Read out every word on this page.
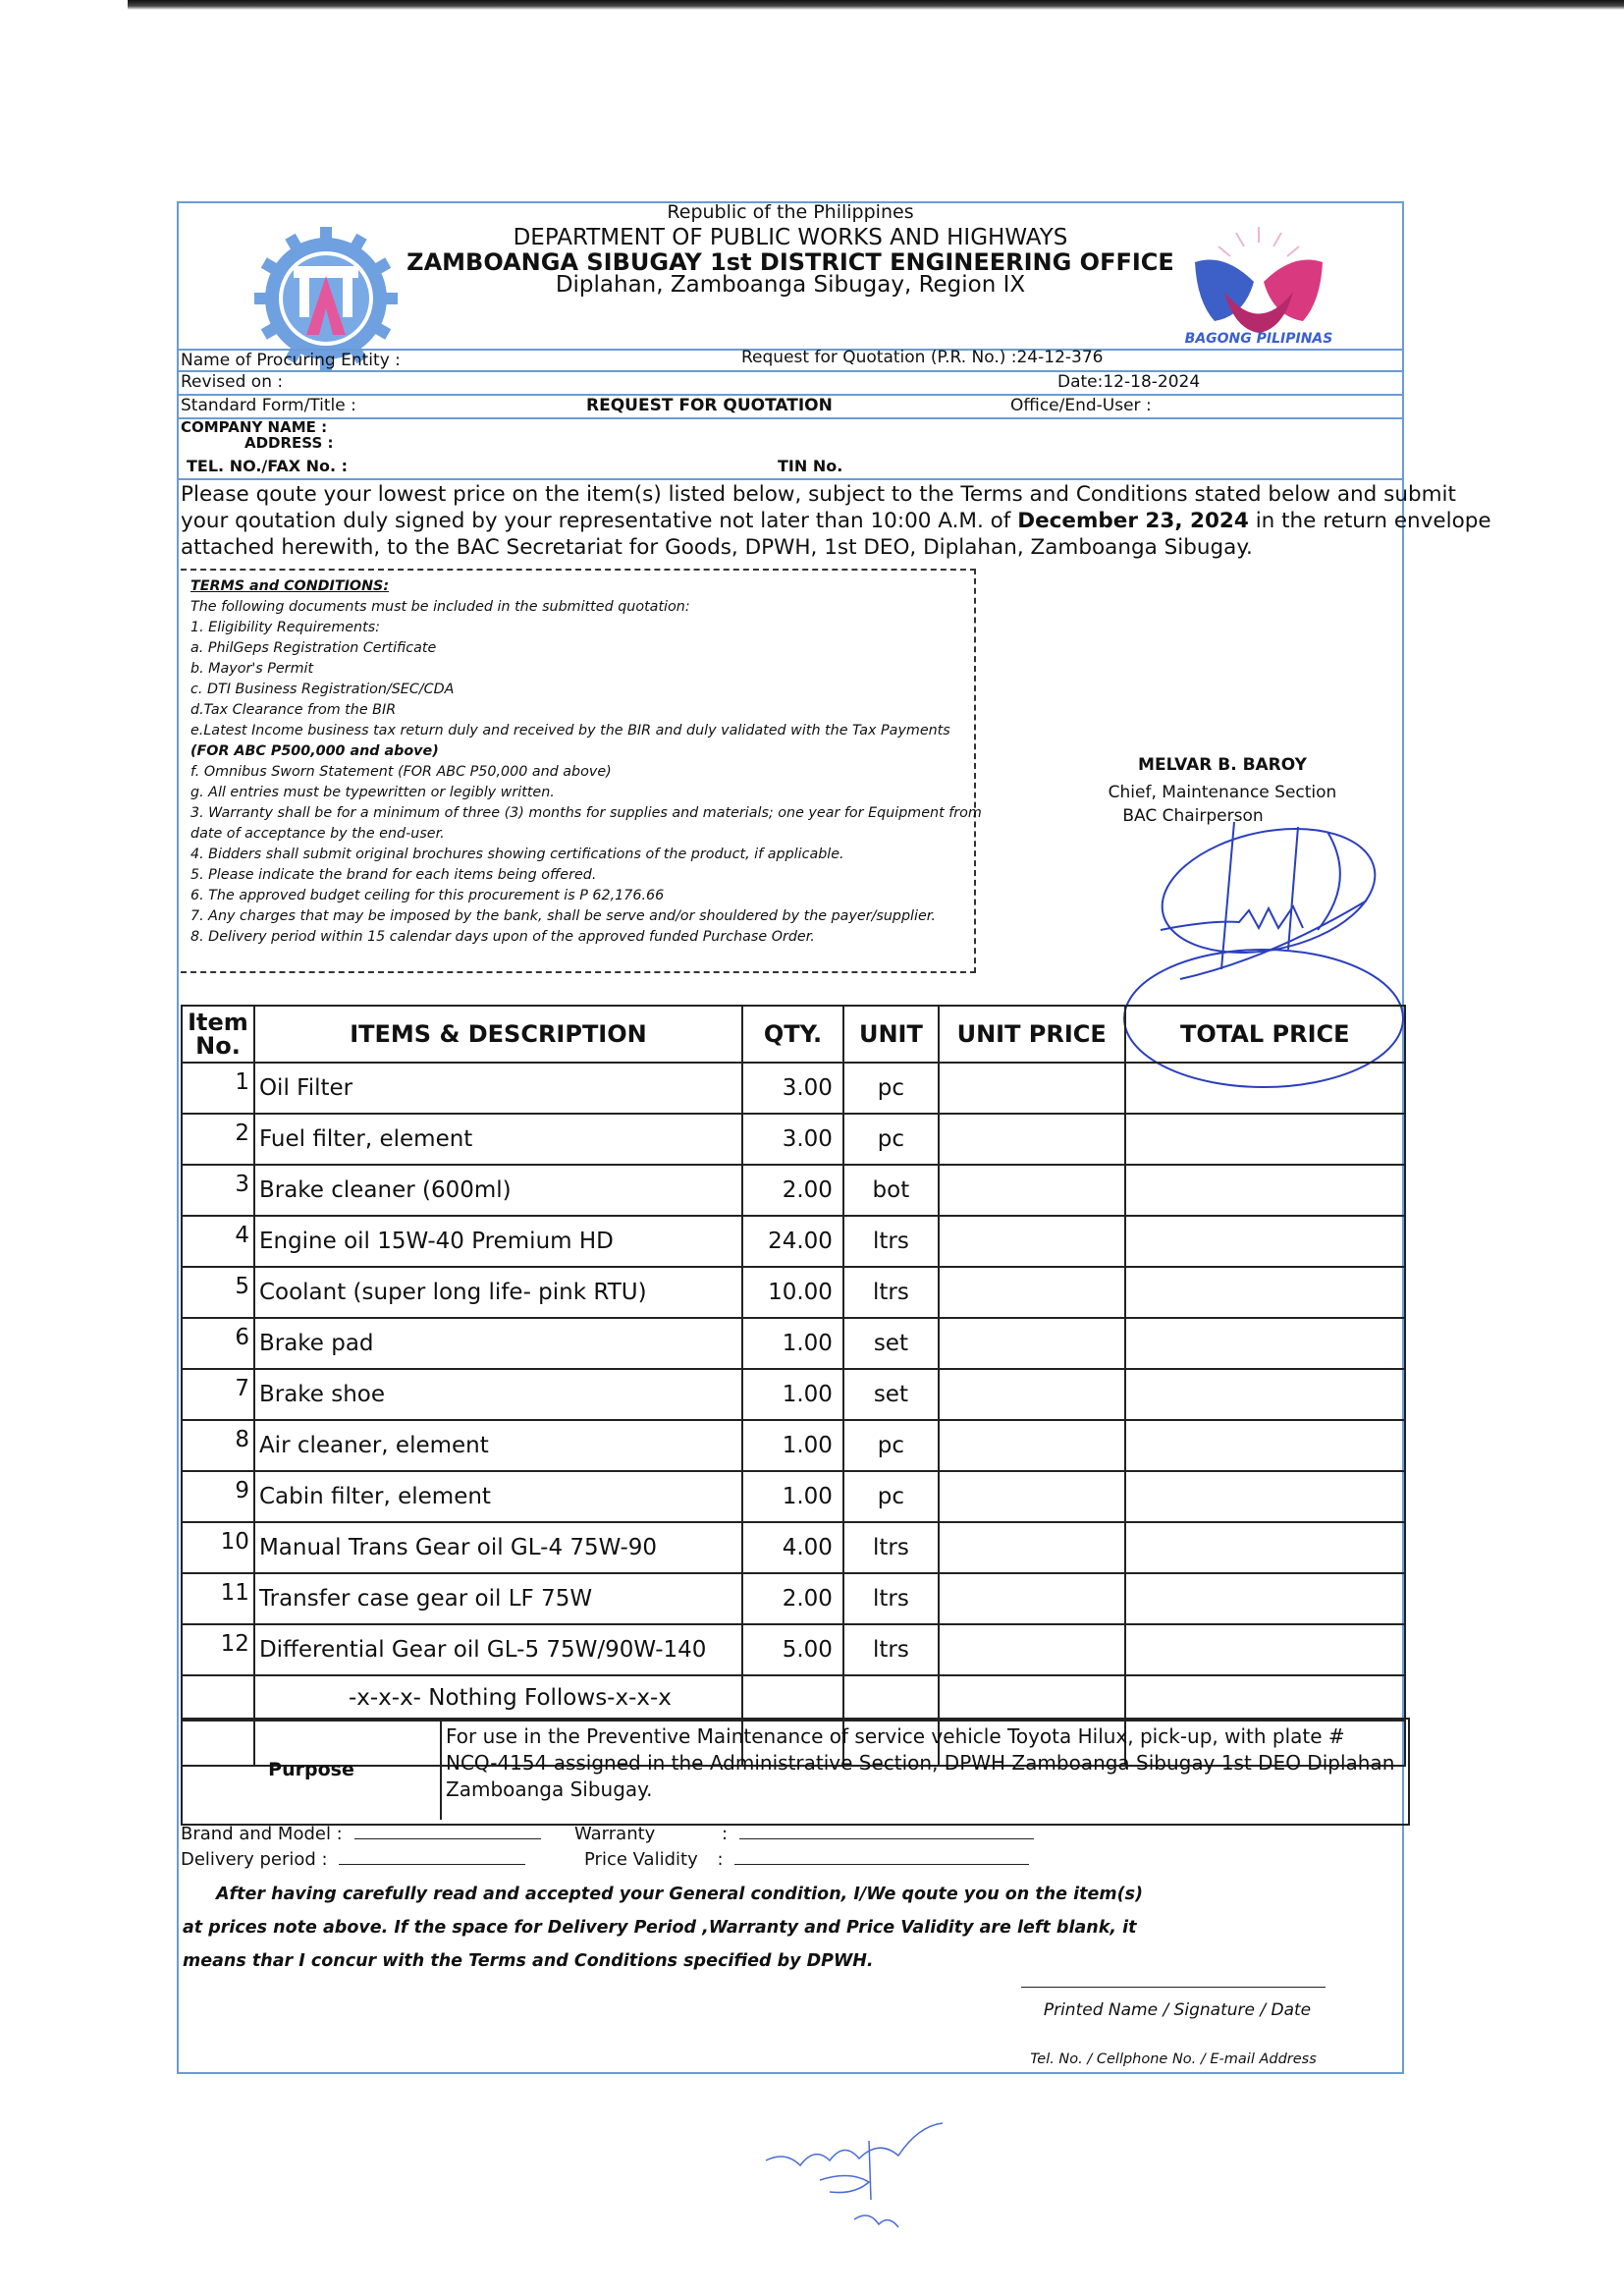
BAGONG PILIPINAS
Republic of the Philippines
DEPARTMENT OF PUBLIC WORKS AND HIGHWAYS
ZAMBOANGA SIBUGAY 1st DISTRICT ENGINEERING OFFICE
Diplahan, Zamboanga Sibugay, Region IX
Name of Procuring Entity :	Request for Quotation (P.R. No.) :24-12-376
Revised on :	Date:12-18-2024
Standard Form/Title :	REQUEST FOR QUOTATION	Office/End-User :
COMPANY NAME :
ADDRESS :
TEL. NO./FAX No. :	TIN No.
Please qoute your lowest price on the item(s) listed below, subject to the Terms and Conditions stated below and submit
your qoutation duly signed by your representative not later than 10:00 A.M. of December 23, 2024 in the return envelope
attached herewith, to the BAC Secretariat for Goods, DPWH, 1st DEO, Diplahan, Zamboanga Sibugay.
TERMS and CONDITIONS:
The following documents must be included in the submitted quotation:
1. Eligibility Requirements:
a. PhilGeps Registration Certificate
b. Mayor's Permit
c. DTI Business Registration/SEC/CDA
d.Tax Clearance from the BIR
e.Latest Income business tax return duly and received by the BIR and duly validated with the Tax Payments
(FOR ABC P500,000 and above)
f. Omnibus Sworn Statement (FOR ABC P50,000 and above)
g. All entries must be typewritten or legibly written.
3. Warranty shall be for a minimum of three (3) months for supplies and materials; one year for Equipment from
date of acceptance by the end-user.
4. Bidders shall submit original brochures showing certifications of the product, if applicable.
5. Please indicate the brand for each items being offered.
6. The approved budget ceiling for this procurement is P 62,176.66
7. Any charges that may be imposed by the bank, shall be serve and/or shouldered by the payer/supplier.
8. Delivery period within 15 calendar days upon of the approved funded Purchase Order.
MELVAR B. BAROY
Chief, Maintenance Section
BAC Chairperson
Item
No.	ITEMS & DESCRIPTION	QTY.	UNIT	UNIT PRICE	TOTAL PRICE
1	Oil Filter	3.00	pc		
2	Fuel filter, element	3.00	pc		
3	Brake cleaner (600ml)	2.00	bot		
4	Engine oil 15W-40 Premium HD	24.00	ltrs		
5	Coolant (super long life- pink RTU)	10.00	ltrs		
6	Brake pad	1.00	set		
7	Brake shoe	1.00	set		
8	Air cleaner, element	1.00	pc		
9	Cabin filter, element	1.00	pc		
10	Manual Trans Gear oil GL-4 75W-90	4.00	ltrs		
11	Transfer case gear oil LF 75W	2.00	ltrs		
12	Differential Gear oil GL-5 75W/90W-140	5.00	ltrs		
	-x-x-x- Nothing Follows-x-x-x				

Purpose
For use in the Preventive Maintenance of service vehicle Toyota Hilux, pick-up, with plate # NCQ-4154 assigned in the Administrative Section, DPWH Zamboanga Sibugay 1st DEO Diplahan Zamboanga Sibugay.
Brand and Model :	Warranty	:
Delivery period :	Price Validity :
After having carefully read and accepted your General condition, I/We qoute you on the item(s)
at prices note above. If the space for Delivery Period ,Warranty and Price Validity are left blank, it
means thar I concur with the Terms and Conditions specified by DPWH.
Printed Name / Signature / Date
Tel. No. / Cellphone No. / E-mail Address
